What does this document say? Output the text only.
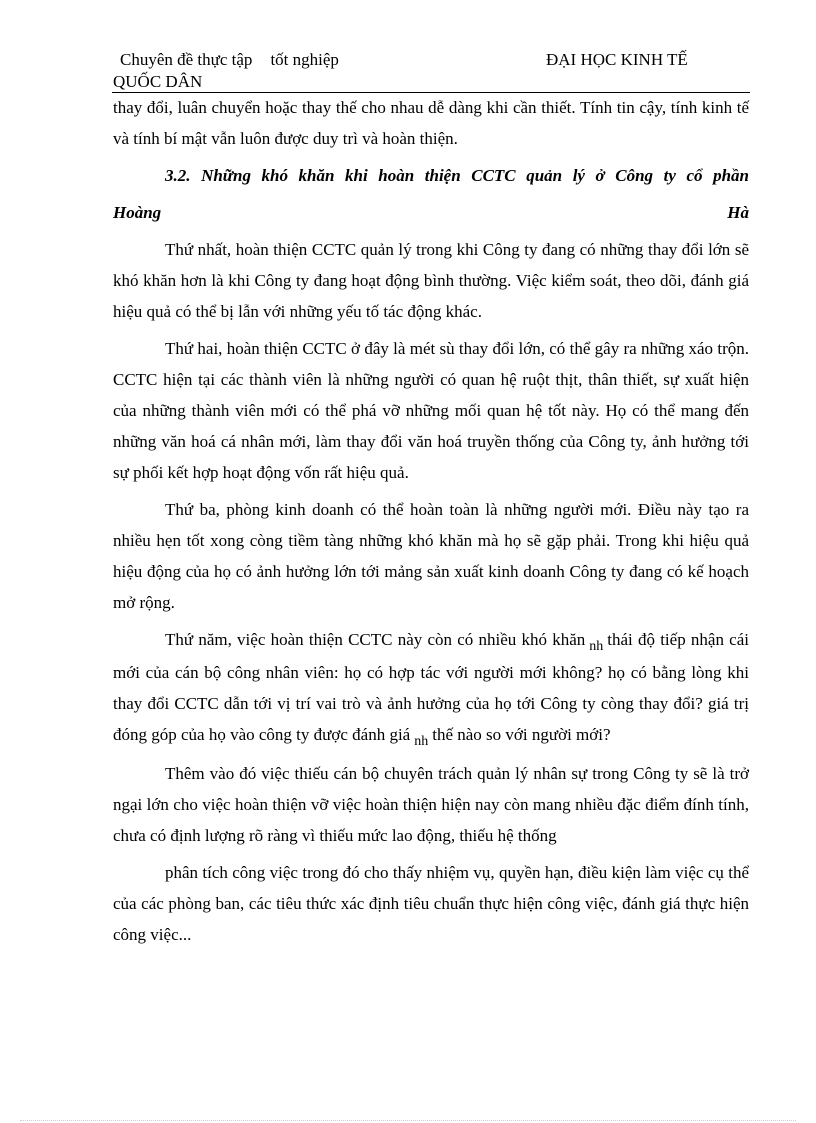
Chuyên đề thực tập tốt nghiệp	ĐẠI HỌC KINH TẾ
QUỐC DÂN

thay đổi, luân chuyển hoặc thay thế cho nhau dễ dàng khi cần thiết. Tính tin cậy, tính kinh tế và tính bí mật vẫn luôn được duy trì và hoàn thiện.

3.2. Những khó khăn khi hoàn thiện CCTC quản lý ở Công ty cổ phần

Hoàng	Hà

Thứ nhất, hoàn thiện CCTC quản lý trong khi Công ty đang có những thay đổi lớn sẽ khó khăn hơn là khi Công ty đang hoạt động bình thường. Việc kiểm soát, theo dõi, đánh giá hiệu quả có thể bị lẫn với những yếu tố tác động khác.

Thứ hai, hoàn thiện CCTC ở đây là mét sù thay đổi lớn, có thể gây ra những xáo trộn. CCTC hiện tại các thành viên là những người có quan hệ ruột thịt, thân thiết, sự xuất hiện của những thành viên mới có thể phá vỡ những mối quan hệ tốt này. Họ có thể mang đến những văn hoá cá nhân mới, làm thay đổi văn hoá truyền thống của Công ty, ảnh hưởng tới sự phối kết hợp hoạt động vốn rất hiệu quả.

Thứ ba, phòng kinh doanh có thể hoàn toàn là những người mới. Điều này tạo ra nhiều hẹn tốt xong còng tiềm tàng những khó khăn mà họ sẽ gặp phải. Trong khi hiệu quả hiệu động của họ có ảnh hưởng lớn tới mảng sản xuất kinh doanh Công ty đang có kế hoạch mở rộng.

Thứ năm, việc hoàn thiện CCTC này còn có nhiều khó khăn $_{nh}$ thái độ tiếp nhận cái mới của cán bộ công nhân viên: họ có hợp tác với người mới không? họ có bằng lòng khi thay đổi CCTC dẫn tới vị trí vai trò và ảnh hưởng của họ tới Công ty còng thay đổi? giá trị đóng góp của họ vào công ty được đánh giá $_{nh}$ thế nào so với người mới?

Thêm vào đó việc thiếu cán bộ chuyên trách quản lý nhân sự trong Công ty sẽ là trở ngại lớn cho việc hoàn thiện vỡ việc hoàn thiện hiện nay còn mang nhiều đặc điểm đính tính, chưa có định lượng rõ ràng vì thiếu mức lao động, thiếu hệ thống

phân tích công việc trong đó cho thấy nhiệm vụ, quyền hạn, điều kiện làm việc cụ thể của các phòng ban, các tiêu thức xác định tiêu chuẩn thực hiện công việc, đánh giá thực hiện công việc...
